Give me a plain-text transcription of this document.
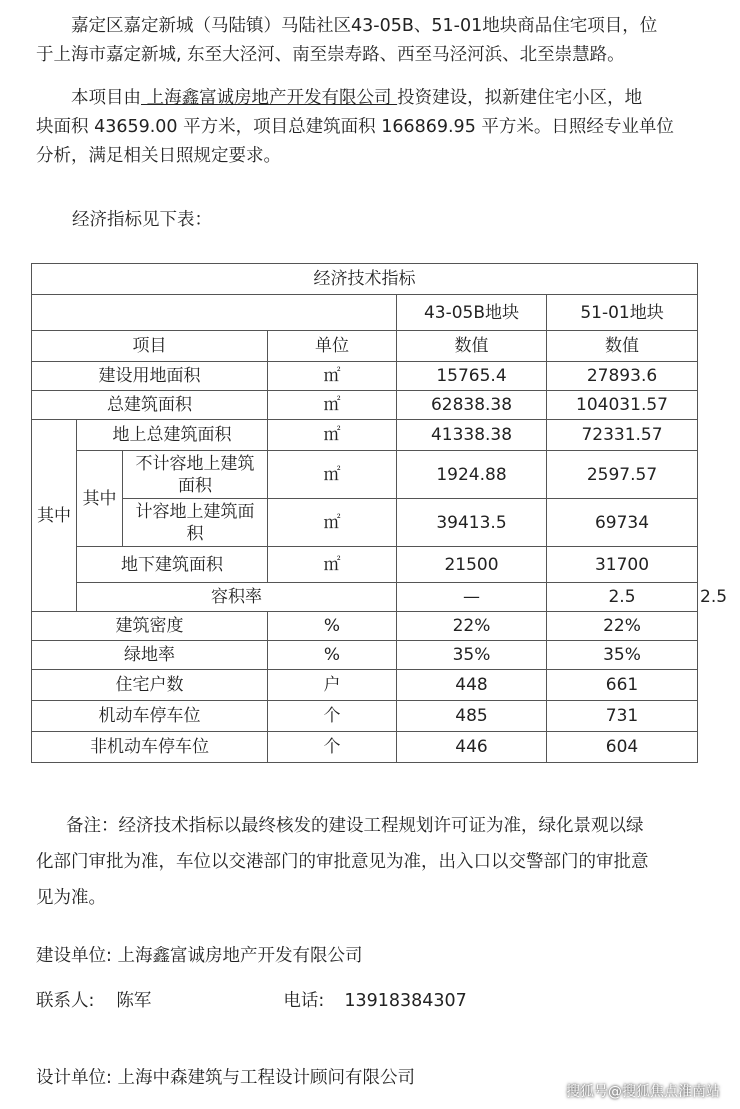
嘉定区嘉定新城（马陆镇）马陆社区43-05B、51-01地块商品住宅项目，位
于上海市嘉定新城, 东至大泾河、南至崇寿路、西至马泾河浜、北至崇慧路。

本项目由 上海鑫富诚房地产开发有限公司 投资建设，拟新建住宅小区，地
块面积 43659.00 平方米，项目总建筑面积 166869.95 平方米。日照经专业单位
分析，满足相关日照规定要求。

经济指标见下表：

经济技术指标						
				43-05B地块	51-01地块	
项目			单位	数值	数值	
建设用地面积			㎡	15765.4	27893.6	
总建筑面积			㎡	62838.38	104031.57	
其中	地上总建筑面积		㎡	41338.38	72331.57	
	其中	不计容地上建筑
面积	㎡	1924.88	2597.57	
		计容地上建筑面
积	㎡	39413.5	69734	
	地下建筑面积		㎡	21500	31700	
	容积率			—	2.5	2.5
建筑密度			%	22%	22%	
绿地率			%	35%	35%	
住宅户数			户	448	661	
机动车停车位			个	485	731	
非机动车停车位			个	446	604	

备注：经济技术指标以最终核发的建设工程规划许可证为准，绿化景观以绿
化部门审批为准，车位以交港部门的审批意见为准，出入口以交警部门的审批意
见为准。

建设单位: 上海鑫富诚房地产开发有限公司

联系人: 陈军	电话: 13918384307

设计单位: 上海中森建筑与工程设计顾问有限公司

搜狐号@搜狐焦点淮南站
